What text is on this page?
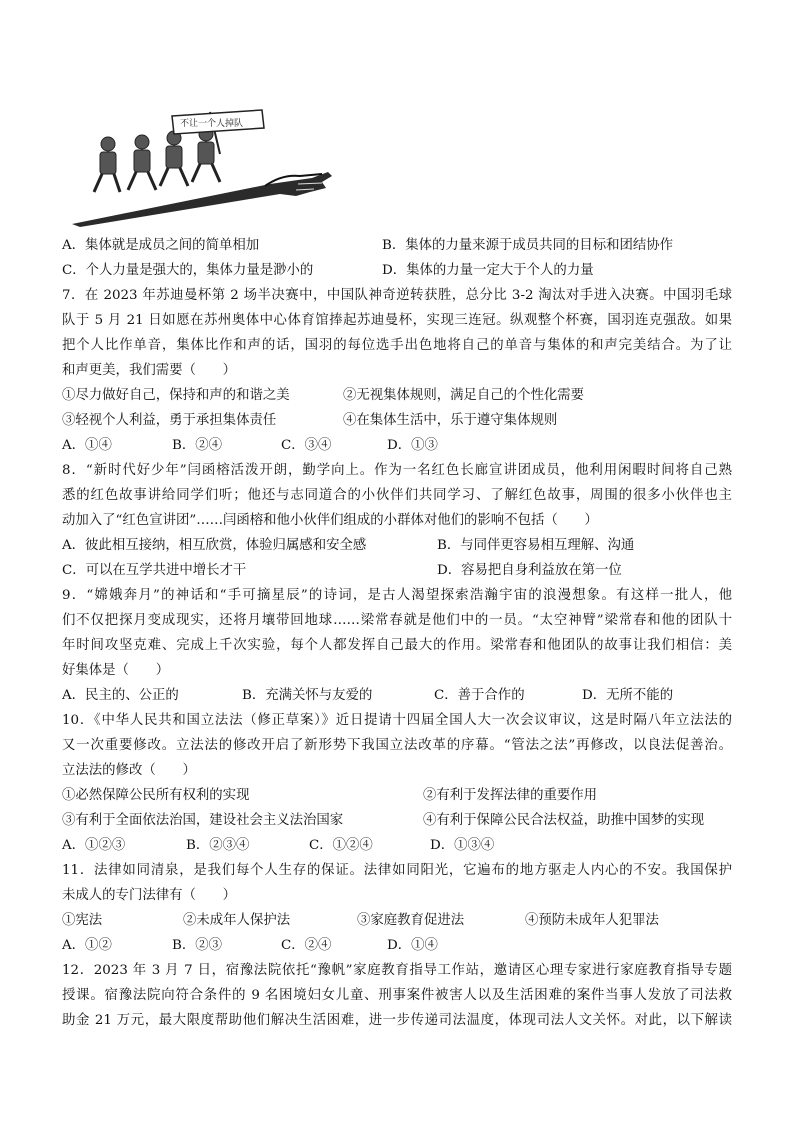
不让一个人掉队
A．集体就是成员之间的简单相加	B．集体的力量来源于成员共同的目标和团结协作
C．个人力量是强大的，集体力量是渺小的	D．集体的力量一定大于个人的力量
7．在 2023 年苏迪曼杯第 2 场半决赛中，中国队神奇逆转获胜，总分比 3-2 淘汰对手进入决赛。中国羽毛球
队于 5 月 21 日如愿在苏州奥体中心体育馆捧起苏迪曼杯，实现三连冠。纵观整个杯赛，国羽连克强敌。如果
把个人比作单音，集体比作和声的话，国羽的每位选手出色地将自己的单音与集体的和声完美结合。为了让
和声更美，我们需要（　　）
①尽力做好自己，保持和声的和谐之美	②无视集体规则，满足自己的个性化需要
③轻视个人利益，勇于承担集体责任	④在集体生活中，乐于遵守集体规则
A．①④	B．②④	C．③④	D．①③
8．“新时代好少年”闫函榕活泼开朗，勤学向上。作为一名红色长廊宣讲团成员，他利用闲暇时间将自己熟
悉的红色故事讲给同学们听；他还与志同道合的小伙伴们共同学习、了解红色故事，周围的很多小伙伴也主
动加入了“红色宣讲团”……闫函榕和他小伙伴们组成的小群体对他们的影响不包括（　　）
A．彼此相互接纳，相互欣赏，体验归属感和安全感	B．与同伴更容易相互理解、沟通
C．可以在互学共进中增长才干	D．容易把自身利益放在第一位
9．“嫦娥奔月”的神话和“手可摘星辰”的诗词，是古人渴望探索浩瀚宇宙的浪漫想象。有这样一批人，他
们不仅把探月变成现实，还将月壤带回地球……梁常春就是他们中的一员。“太空神臂”梁常春和他的团队十
年时间攻坚克难、完成上千次实验，每个人都发挥自己最大的作用。梁常春和他团队的故事让我们相信：美
好集体是（　　）
A．民主的、公正的	B．充满关怀与友爱的	C．善于合作的	D．无所不能的
10．《中华人民共和国立法法（修正草案）》近日提请十四届全国人大一次会议审议，这是时隔八年立法法的
又一次重要修改。立法法的修改开启了新形势下我国立法改革的序幕。“管法之法”再修改，以良法促善治。
立法法的修改（　　）
①必然保障公民所有权利的实现	②有利于发挥法律的重要作用
③有利于全面依法治国，建设社会主义法治国家	④有利于保障公民合法权益，助推中国梦的实现
A．①②③	B．②③④	C．①②④	D．①③④
11．法律如同清泉，是我们每个人生存的保证。法律如同阳光，它遍布的地方驱走人内心的不安。我国保护
未成人的专门法律有（　　）
①宪法	②未成年人保护法	③家庭教育促进法	④预防未成年人犯罪法
A．①②	B．②③	C．②④	D．①④
12．2023 年 3 月 7 日，宿豫法院依托“豫帆”家庭教育指导工作站，邀请区心理专家进行家庭教育指导专题
授课。宿豫法院向符合条件的 9 名困境妇女儿童、刑事案件被害人以及生活困难的案件当事人发放了司法救
助金 21 万元，最大限度帮助他们解决生活困难，进一步传递司法温度，体现司法人文关怀。对此，以下解读
